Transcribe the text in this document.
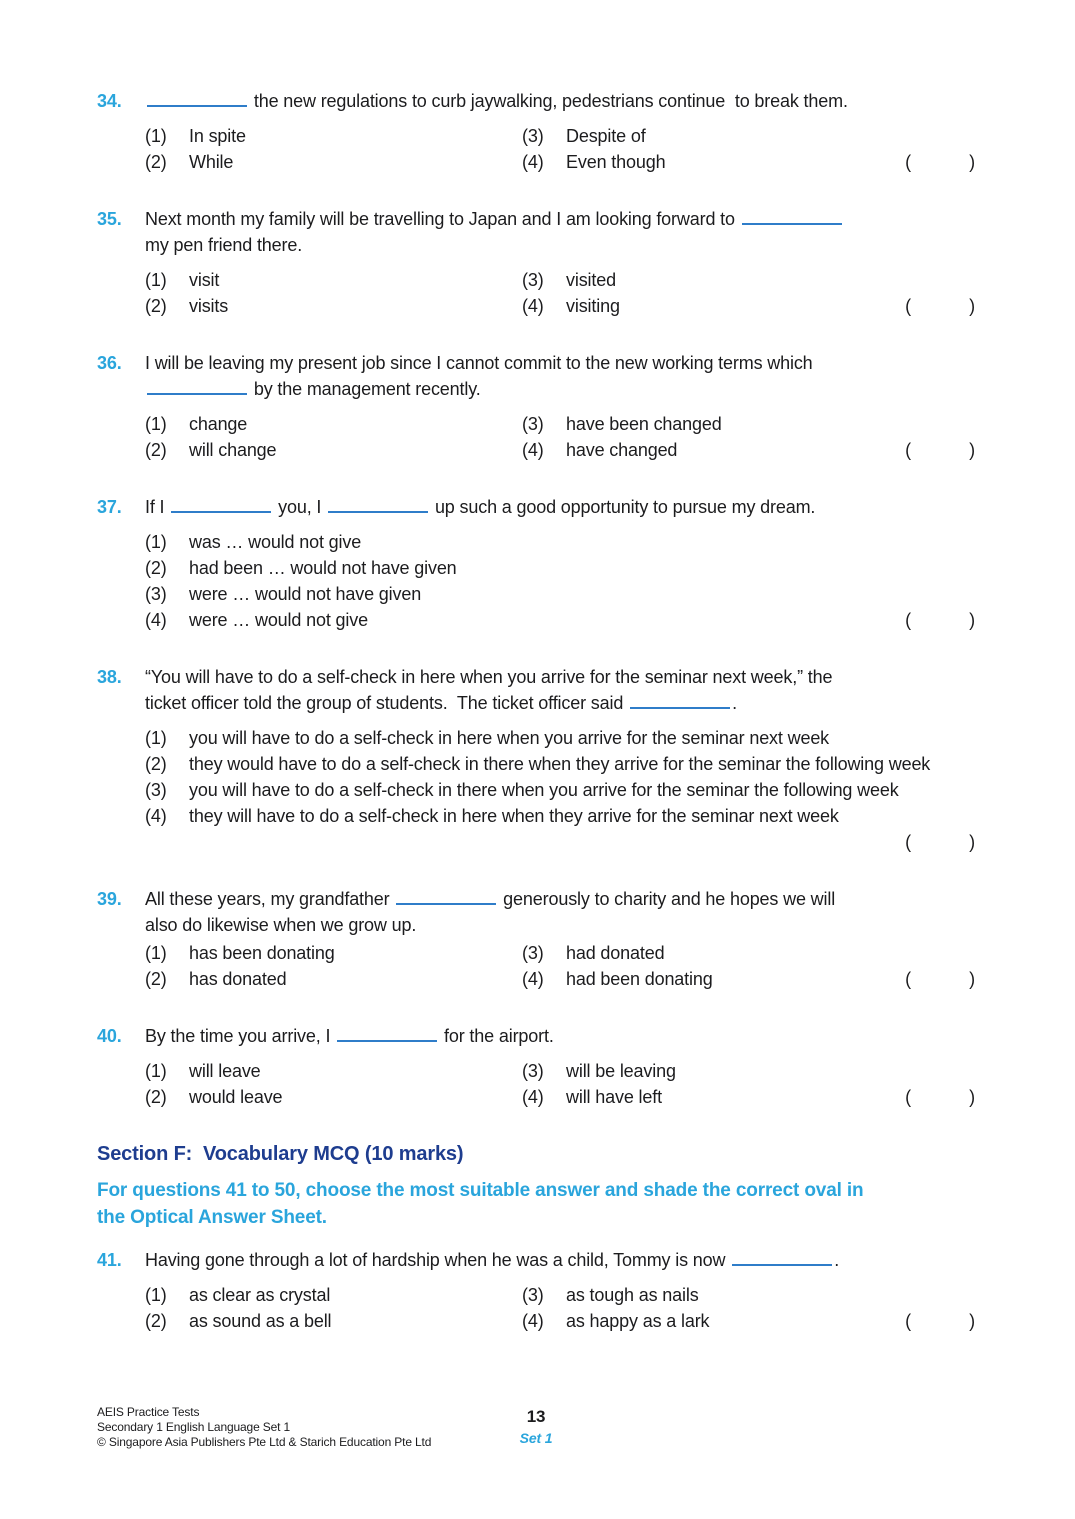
34.	the new regulations to curb jaywalking, pedestrians continue  to break them.
(1)	In spite	(3)	Despite of
(2)	While	(4)	Even though	(            )
35.	Next month my family will be travelling to Japan and I am looking forward to
my pen friend there.
(1)	visit	(3)	visited
(2)	visits	(4)	visiting	(            )
36.	I will be leaving my present job since I cannot commit to the new working terms which
by the management recently.
(1)	change	(3)	have been changed
(2)	will change	(4)	have changed	(            )
37.	If I	you, I	up such a good opportunity to pursue my dream.
(1)	was … would not give
(2)	had been … would not have given
(3)	were … would not have given
(4)	were … would not give	(            )
38.	“You will have to do a self-check in here when you arrive for the seminar next week,” the
ticket officer told the group of students.  The ticket officer said	.
(1)	you will have to do a self-check in here when you arrive for the seminar next week
(2)	they would have to do a self-check in there when they arrive for the seminar the following week
(3)	you will have to do a self-check in there when you arrive for the seminar the following week
(4)	they will have to do a self-check in here when they arrive for the seminar next week
(            )
39.	All these years, my grandfather	generously to charity and he hopes we will
also do likewise when we grow up.
(1)	has been donating	(3)	had donated
(2)	has donated	(4)	had been donating	(            )
40.	By the time you arrive, I	for the airport.
(1)	will leave	(3)	will be leaving
(2)	would leave	(4)	will have left	(            )
Section F:  Vocabulary MCQ (10 marks)

For questions 41 to 50, choose the most suitable answer and shade the correct oval in

the Optical Answer Sheet.

41.	Having gone through a lot of hardship when he was a child, Tommy is now	.
(1)	as clear as crystal	(3)	as tough as nails
(2)	as sound as a bell	(4)	as happy as a lark	(            )
AEIS Practice Tests
Secondary 1 English Language Set 1
© Singapore Asia Publishers Pte Ltd & Starich Education Pte Ltd
13
Set 1
